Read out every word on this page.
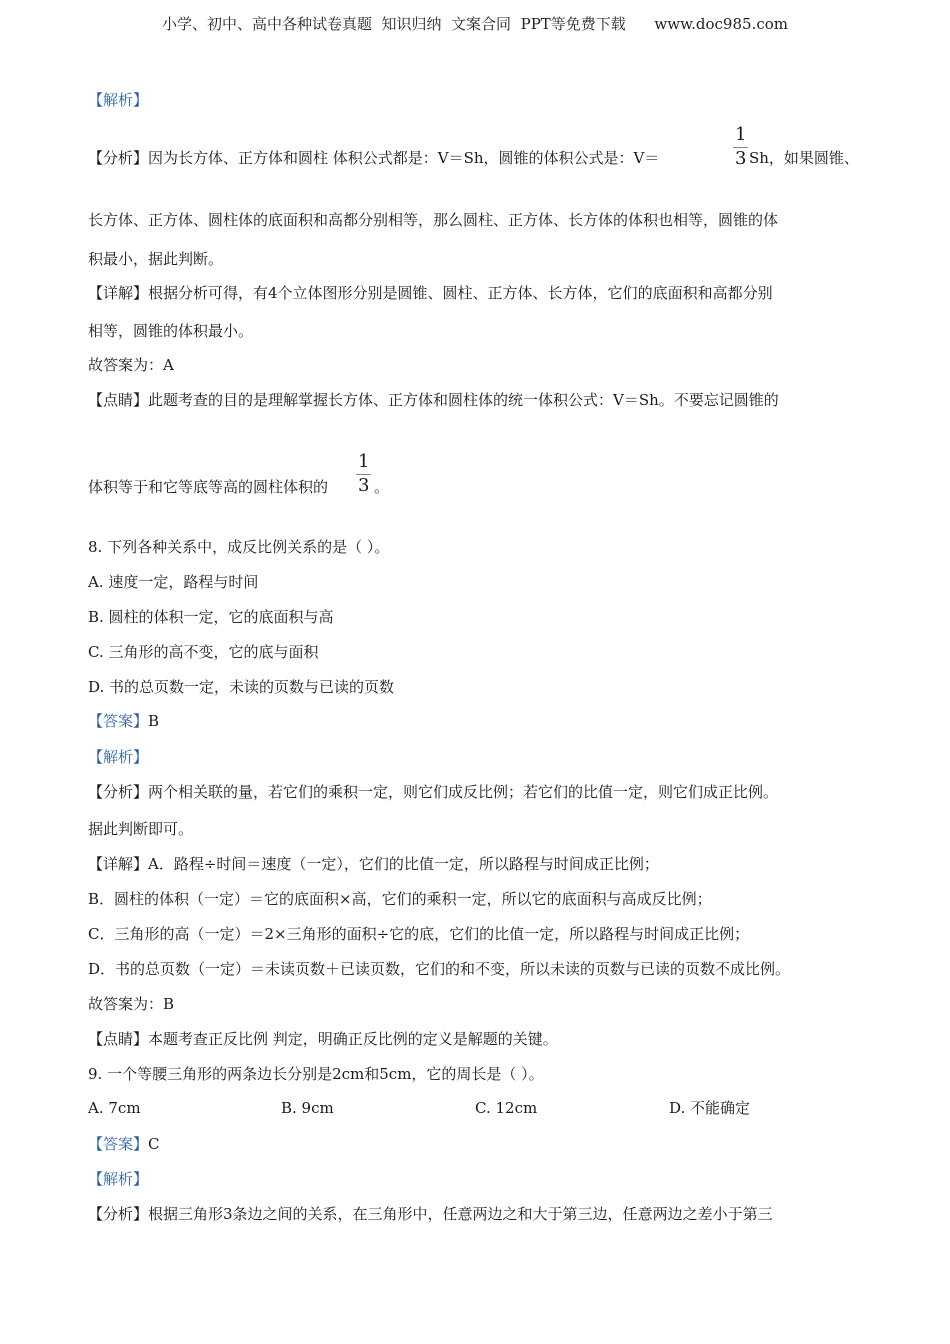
小学、初中、高中各种试卷真题  知识归纳  文案合同  PPT等免费下载      www.doc985.com
【解析】
【分析】因为长方体、正方体和圆柱 体积公式都是：V＝Sh，圆锥的体积公式是：V＝
1
3 Sh，如果圆锥、
长方体、正方体、圆柱体的底面积和高都分别相等，那么圆柱、正方体、长方体的体积也相等，圆锥的体
积最小，据此判断。
【详解】根据分析可得，有4个立体图形分别是圆锥、圆柱、正方体、长方体，它们的底面积和高都分别
相等，圆锥的体积最小。
故答案为：A
【点睛】此题考查的目的是理解掌握长方体、正方体和圆柱体的统一体积公式：V＝Sh。不要忘记圆锥的
体积等于和它等底等高的圆柱体积的
1
3 。
8. 下列各种关系中，成反比例关系的是（ ）。
A. 速度一定，路程与时间
B. 圆柱的体积一定，它的底面积与高
C. 三角形的高不变，它的底与面积
D. 书的总页数一定，未读的页数与已读的页数
【答案】B
【解析】
【分析】两个相关联的量，若它们的乘积一定，则它们成反比例；若它们的比值一定，则它们成正比例。
据此判断即可。
【详解】A．路程÷时间＝速度（一定），它们的比值一定，所以路程与时间成正比例；
B．圆柱的体积（一定）＝它的底面积×高，它们的乘积一定，所以它的底面积与高成反比例；
C．三角形的高（一定）＝2×三角形的面积÷它的底，它们的比值一定，所以路程与时间成正比例；
D．书的总页数（一定）＝未读页数＋已读页数，它们的和不变，所以未读的页数与已读的页数不成比例。
故答案为：B
【点睛】本题考查正反比例 判定，明确正反比例的定义是解题的关键。
9. 一个等腰三角形的两条边长分别是2cm和5cm，它的周长是（ ）。
A. 7cm	B. 9cm	C. 12cm	D. 不能确定
【答案】C
【解析】
【分析】根据三角形3条边之间的关系，在三角形中，任意两边之和大于第三边，任意两边之差小于第三
